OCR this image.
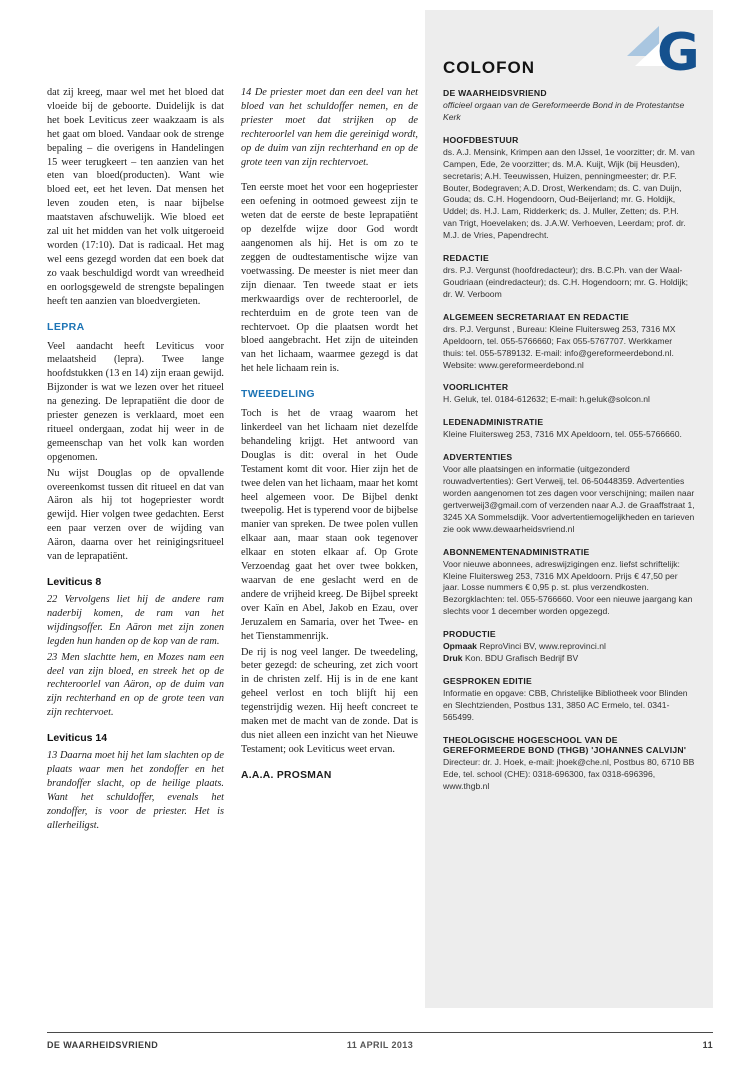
dat zij kreeg, maar wel met het bloed dat vloeide bij de geboorte. Duidelijk is dat het boek Leviticus zeer waakzaam is als het gaat om bloed. Vandaar ook de strenge bepaling – die overigens in Handelingen 15 weer terugkeert – ten aanzien van het eten van bloed(producten). Want wie bloed eet, eet het leven. Dat mensen het leven zouden eten, is naar bijbelse maatstaven afschuwelijk. Wie bloed eet zal uit het midden van het volk uitgeroeid worden (17:10). Dat is radicaal. Het mag wel eens gezegd worden dat een boek dat zo vaak beschuldigd wordt van wreedheid en oorlogsgeweld de strengste bepalingen heeft ten aanzien van bloedvergieten.

LEPRA

Veel aandacht heeft Leviticus voor melaatsheid (lepra). Twee lange hoofdstukken (13 en 14) zijn eraan gewijd. Bijzonder is wat we lezen over het ritueel na genezing. De leprapatiënt die door de priester genezen is verklaard, moet een ritueel ondergaan, zodat hij weer in de gemeenschap van het volk kan worden opgenomen.

Nu wijst Douglas op de opvallende overeenkomst tussen dit ritueel en dat van Aäron als hij tot hogepriester wordt gewijd. Hier volgen twee gedachten. Eerst een paar verzen over de wijding van Aäron, daarna over het reinigingsritueel van de leprapatiënt.

Leviticus 8

22 Vervolgens liet hij de andere ram naderbij komen, de ram van het wijdingsoffer. En Aäron met zijn zonen legden hun handen op de kop van de ram.

23 Men slachtte hem, en Mozes nam een deel van zijn bloed, en streek het op de rechteroorlel van Aäron, op de duim van zijn rechterhand en op de grote teen van zijn rechtervoet.

Leviticus 14

13 Daarna moet hij het lam slachten op de plaats waar men het zondoffer en het brandoffer slacht, op de heilige plaats. Want het schuldoffer, evenals het zondoffer, is voor de priester. Het is allerheiligst.

14 De priester moet dan een deel van het bloed van het schuldoffer nemen, en de priester moet dat strijken op de rechteroorlel van hem die gereinigd wordt, op de duim van zijn rechterhand en op de grote teen van zijn rechtervoet.

Ten eerste moet het voor een hogepriester een oefening in ootmoed geweest zijn te weten dat de eerste de beste leprapatiënt op dezelfde wijze door God wordt aangenomen als hij. Het is om zo te zeggen de oudtestamentische wijze van voetwassing. De meester is niet meer dan zijn dienaar. Ten tweede staat er iets merkwaardigs over de rechteroorlel, de rechterduim en de grote teen van de rechtervoet. Op die plaatsen wordt het bloed aangebracht. Het zijn de uiteinden van het lichaam, waarmee gezegd is dat het hele lichaam rein is.

TWEEDELING

Toch is het de vraag waarom het linkerdeel van het lichaam niet dezelfde behandeling krijgt. Het antwoord van Douglas is dit: overal in het Oude Testament komt dit voor. Hier zijn het de twee delen van het lichaam, maar het komt heel algemeen voor. De Bijbel denkt tweepolig. Het is typerend voor de bijbelse manier van spreken. De twee polen vullen elkaar aan, maar staan ook tegenover elkaar en stoten elkaar af. Op Grote Verzoendag gaat het over twee bokken, waarvan de ene geslacht werd en de andere de vrijheid kreeg. De Bijbel spreekt over Kaïn en Abel, Jakob en Ezau, over Jeruzalem en Samaria, over het Twee- en het Tienstammenrijk.

De rij is nog veel langer. De tweedeling, beter gezegd: de scheuring, zet zich voort in de christen zelf. Hij is in de ene kant geheel verlost en toch blijft hij een tegenstrijdig wezen. Hij heeft concreet te maken met de macht van de zonde. Dat is dus niet alleen een inzicht van het Nieuwe Testament; ook Leviticus weet ervan.

A.A.A. PROSMAN

G
COLOFON
DE WAARHEIDSVRIEND

officieel orgaan van de Gereformeerde Bond in de Protestantse Kerk

HOOFDBESTUUR

ds. A.J. Mensink, Krimpen aan den IJssel, 1e voorzitter; dr. M. van Campen, Ede, 2e voorzitter; ds. M.A. Kuijt, Wijk (bij Heusden), secretaris; A.H. Teeuwissen, Huizen, penningmeester; dr. P.F. Bouter, Bodegraven; A.D. Drost, Werkendam; ds. C. van Duijn, Gouda; ds. C.H. Hogendoorn, Oud-Beijerland; mr. G. Holdijk, Uddel; ds. H.J. Lam, Ridderkerk; ds. J. Muller, Zetten; ds. P.H. van Trigt, Hoevelaken; ds. J.A.W. Verhoeven, Leerdam; prof. dr. M.J. de Vries, Papendrecht.

REDACTIE

drs. P.J. Vergunst (hoofdredacteur); drs. B.C.Ph. van der Waal-Goudriaan (eindredacteur); ds. C.H. Hogendoorn; mr. G. Holdijk; dr. W. Verboom

ALGEMEEN SECRETARIAAT EN REDACTIE

drs. P.J. Vergunst , Bureau: Kleine Fluitersweg 253, 7316 MX Apeldoorn, tel. 055-5766660; Fax 055-5767707. Werkkamer thuis: tel. 055-5789132. E-mail: info@gereformeerdebond.nl. Website: www.gereformeerdebond.nl

VOORLICHTER

H. Geluk, tel. 0184-612632; E-mail: h.geluk@solcon.nl

LEDENADMINISTRATIE

Kleine Fluitersweg 253, 7316 MX Apeldoorn, tel. 055-5766660.

ADVERTENTIES

Voor alle plaatsingen en informatie (uitgezonderd rouwadvertenties): Gert Verweij, tel. 06-50448359. Advertenties worden aangenomen tot zes dagen voor verschijning; mailen naar gertverweij3@gmail.com of verzenden naar A.J. de Graaffstraat 1, 3245 XA Sommelsdijk. Voor advertentiemogelijkheden en tarieven zie ook www.dewaarheidsvriend.nl

ABONNEMENTENADMINISTRATIE

Voor nieuwe abonnees, adreswijzigingen enz. liefst schriftelijk: Kleine Fluitersweg 253, 7316 MX Apeldoorn. Prijs € 47,50 per jaar. Losse nummers € 0,95 p. st. plus verzendkosten. Bezorgklachten: tel. 055-5766660. Voor een nieuwe jaargang kan slechts voor 1 december worden opgezegd.

PRODUCTIE

Opmaak ReproVinci BV, www.reprovinci.nl

Druk Kon. BDU Grafisch Bedrijf BV

GESPROKEN EDITIE

Informatie en opgave: CBB, Christelijke Bibliotheek voor Blinden en Slechtzienden, Postbus 131, 3850 AC Ermelo, tel. 0341-565499.

THEOLOGISCHE HOGESCHOOL VAN DE GEREFORMEERDE BOND (THGB) 'JOHANNES CALVIJN'

Directeur: dr. J. Hoek, e-mail: jhoek@che.nl, Postbus 80, 6710 BB Ede, tel. school (CHE): 0318-696300, fax 0318-696396, www.thgb.nl

DE WAARHEIDSVRIEND	11 APRIL 2013	11
